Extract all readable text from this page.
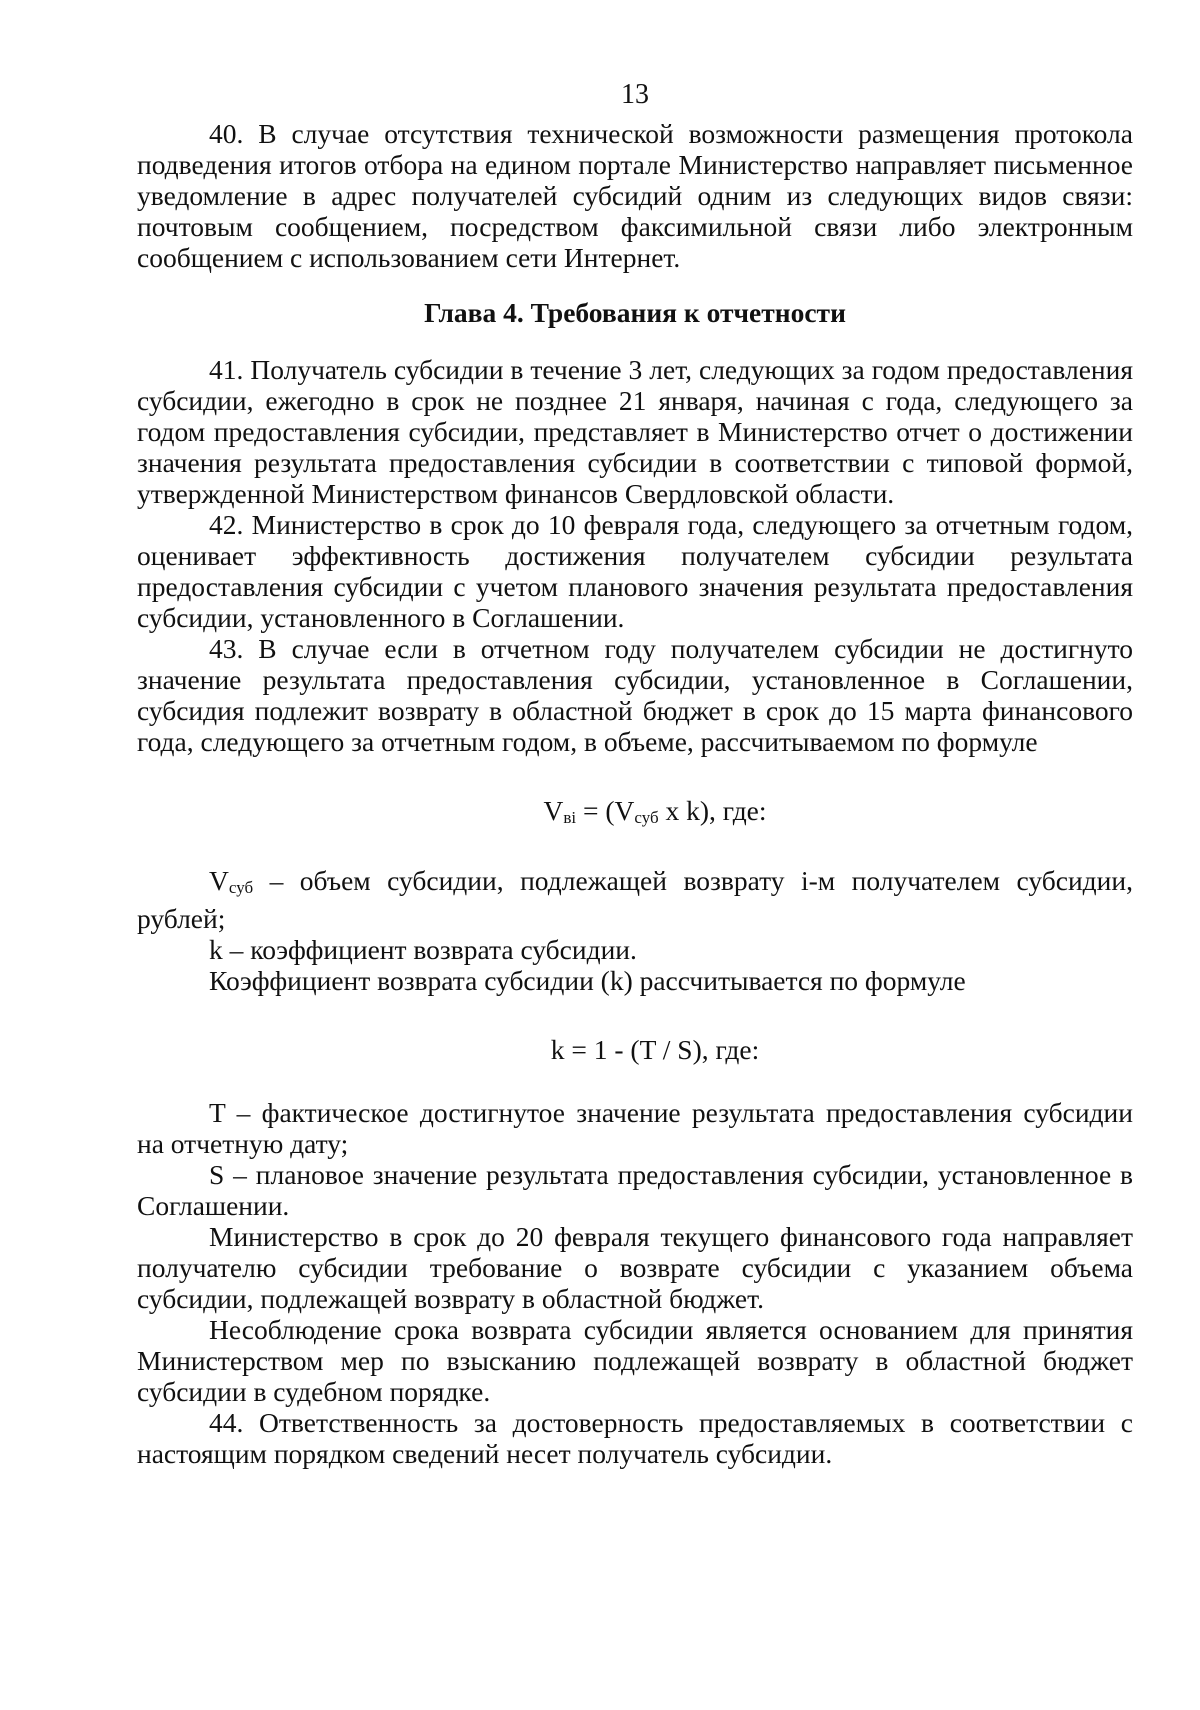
13

40. В случае отсутствия технической возможности размещения протокола подведения итогов отбора на едином портале Министерство направляет письменное уведомление в адрес получателей субсидий одним из следующих видов связи: почтовым сообщением, посредством факсимильной связи либо электронным сообщением с использованием сети Интернет.

Глава 4. Требования к отчетности

41. Получатель субсидии в течение 3 лет, следующих за годом предоставления субсидии, ежегодно в срок не позднее 21 января, начиная с года, следующего за годом предоставления субсидии, представляет в Министерство отчет о достижении значения результата предоставления субсидии в соответствии с типовой формой, утвержденной Министерством финансов Свердловской области.

42. Министерство в срок до 10 февраля года, следующего за отчетным годом, оценивает эффективность достижения получателем субсидии результата предоставления субсидии с учетом планового значения результата предоставления субсидии, установленного в Соглашении.

43. В случае если в отчетном году получателем субсидии не достигнуто значение результата предоставления субсидии, установленное в Соглашении, субсидия подлежит возврату в областной бюджет в срок до 15 марта финансового года, следующего за отчетным годом, в объеме, рассчитываемом по формуле

$V_{вi} = (V_{суб}$ x k), где:

$V_{суб}$ – объем субсидии, подлежащей возврату i-м получателем субсидии, рублей;

k – коэффициент возврата субсидии.

Коэффициент возврата субсидии (k) рассчитывается по формуле

k = 1 - (T / S), где:

T – фактическое достигнутое значение результата предоставления субсидии на отчетную дату;

S – плановое значение результата предоставления субсидии, установленное в Соглашении.

Министерство в срок до 20 февраля текущего финансового года направляет получателю субсидии требование о возврате субсидии с указанием объема субсидии, подлежащей возврату в областной бюджет.

Несоблюдение срока возврата субсидии является основанием для принятия Министерством мер по взысканию подлежащей возврату в областной бюджет субсидии в судебном порядке.

44. Ответственность за достоверность предоставляемых в соответствии с настоящим порядком сведений несет получатель субсидии.
